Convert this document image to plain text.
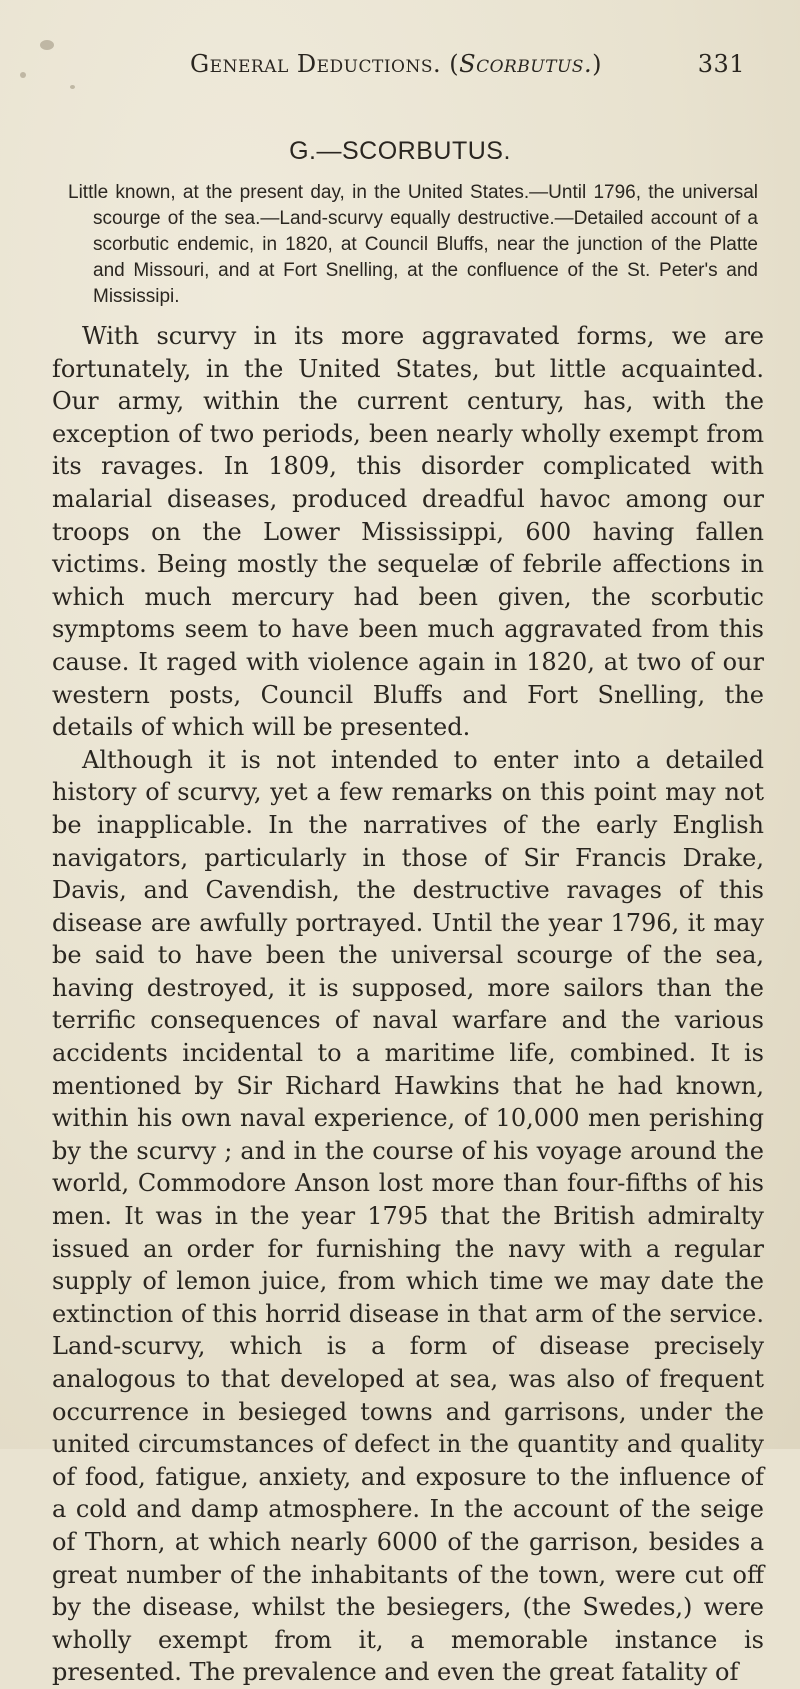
General Deductions. (Scorbutus.)	331
G.—SCORBUTUS.
Little known, at the present day, in the United States.—Until 1796, the universal scourge of the sea.—Land-scurvy equally destructive.—Detailed account of a scorbutic endemic, in 1820, at Council Bluffs, near the junction of the Platte and Missouri, and at Fort Snelling, at the confluence of the St. Peter's and Mississipi.

With scurvy in its more aggravated forms, we are fortunately, in the United States, but little acquainted. Our army, within the current century, has, with the exception of two periods, been nearly wholly exempt from its ravages. In 1809, this disorder complicated with malarial diseases, produced dreadful havoc among our troops on the Lower Mississippi, 600 having fallen victims. Being mostly the sequelæ of febrile affections in which much mercury had been given, the scorbutic symptoms seem to have been much aggravated from this cause. It raged with violence again in 1820, at two of our western posts, Council Bluffs and Fort Snelling, the details of which will be presented.

Although it is not intended to enter into a detailed history of scurvy, yet a few remarks on this point may not be inapplicable. In the narratives of the early English navigators, particularly in those of Sir Francis Drake, Davis, and Cavendish, the destructive ravages of this disease are awfully portrayed. Until the year 1796, it may be said to have been the universal scourge of the sea, having destroyed, it is supposed, more sailors than the terrific consequences of naval warfare and the various accidents incidental to a maritime life, combined. It is mentioned by Sir Richard Hawkins that he had known, within his own naval experience, of 10,000 men perishing by the scurvy ; and in the course of his voyage around the world, Commodore Anson lost more than four-fifths of his men. It was in the year 1795 that the British admiralty issued an order for furnishing the navy with a regular supply of lemon juice, from which time we may date the extinction of this horrid disease in that arm of the service. Land-scurvy, which is a form of disease precisely analogous to that developed at sea, was also of frequent occurrence in besieged towns and garrisons, under the united circumstances of defect in the quantity and quality of food, fatigue, anxiety, and exposure to the influence of a cold and damp atmosphere. In the account of the seige of Thorn, at which nearly 6000 of the garrison, besides a great number of the inhabitants of the town, were cut off by the disease, whilst the besiegers, (the Swedes,) were wholly exempt from it, a memorable instance is presented. The prevalence and even the great fatality of
